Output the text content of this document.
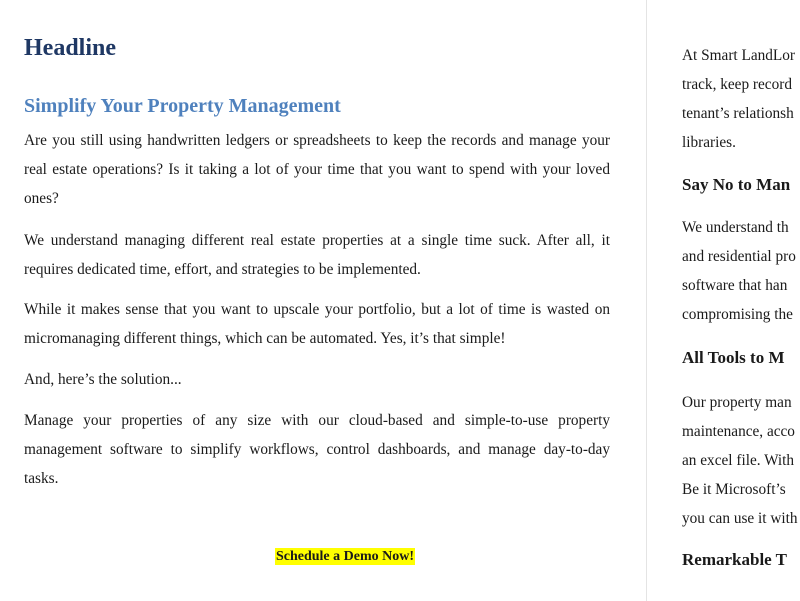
Headline
Simplify Your Property Management

Are you still using handwritten ledgers or spreadsheets to keep the records and manage your real estate operations? Is it taking a lot of your time that you want to spend with your loved ones?

We understand managing different real estate properties at a single time suck. After all, it requires dedicated time, effort, and strategies to be implemented.

While it makes sense that you want to upscale your portfolio, but a lot of time is wasted on micromanaging different things, which can be automated. Yes, it’s that simple!

And, here’s the solution...

Manage your properties of any size with our cloud-based and simple-to-use property management software to simplify workflows, control dashboards, and manage day-to-day tasks.

Schedule a Demo Now!
At Smart LandLor
track, keep record
tenant’s relationsh
libraries.
Say No to Man
We understand th
and residential pro
software that han
compromising the
All Tools to M
Our property man
maintenance, acco
an excel file. With
Be it Microsoft’s
you can use it with
Remarkable T
